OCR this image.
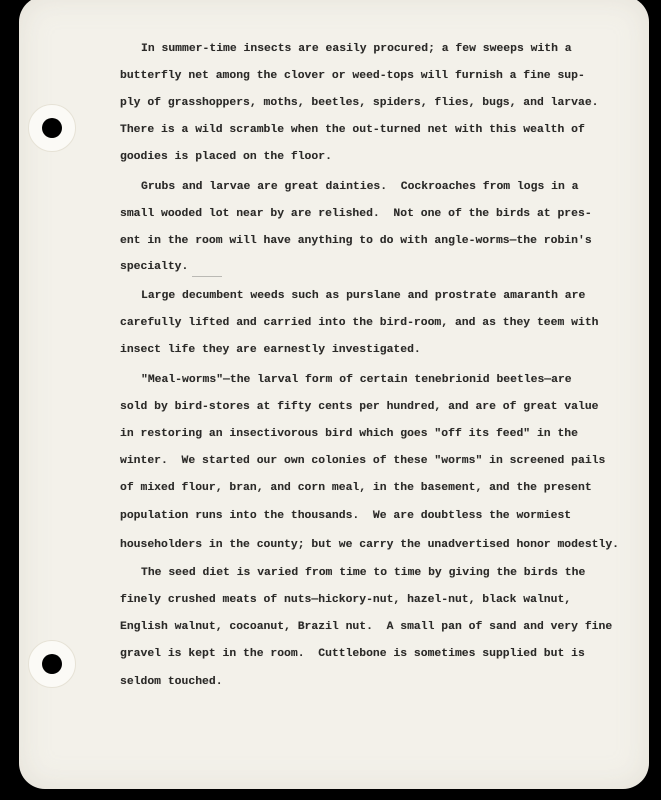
In summer-time insects are easily procured; a few sweeps with a
butterfly net among the clover or weed-tops will furnish a fine sup-
ply of grasshoppers, moths, beetles, spiders, flies, bugs, and larvae.
There is a wild scramble when the out-turned net with this wealth of
goodies is placed on the floor.
Grubs and larvae are great dainties.  Cockroaches from logs in a
small wooded lot near by are relished.  Not one of the birds at pres-
ent in the room will have anything to do with angle-worms—the robin's
specialty.
Large decumbent weeds such as purslane and prostrate amaranth are
carefully lifted and carried into the bird-room, and as they teem with
insect life they are earnestly investigated.
"Meal-worms"—the larval form of certain tenebrionid beetles—are
sold by bird-stores at fifty cents per hundred, and are of great value
in restoring an insectivorous bird which goes "off its feed" in the
winter.  We started our own colonies of these "worms" in screened pails
of mixed flour, bran, and corn meal, in the basement, and the present
population runs into the thousands.  We are doubtless the wormiest
householders in the county; but we carry the unadvertised honor modestly.
The seed diet is varied from time to time by giving the birds the
finely crushed meats of nuts—hickory-nut, hazel-nut, black walnut,
English walnut, cocoanut, Brazil nut.  A small pan of sand and very fine
gravel is kept in the room.  Cuttlebone is sometimes supplied but is
seldom touched.
